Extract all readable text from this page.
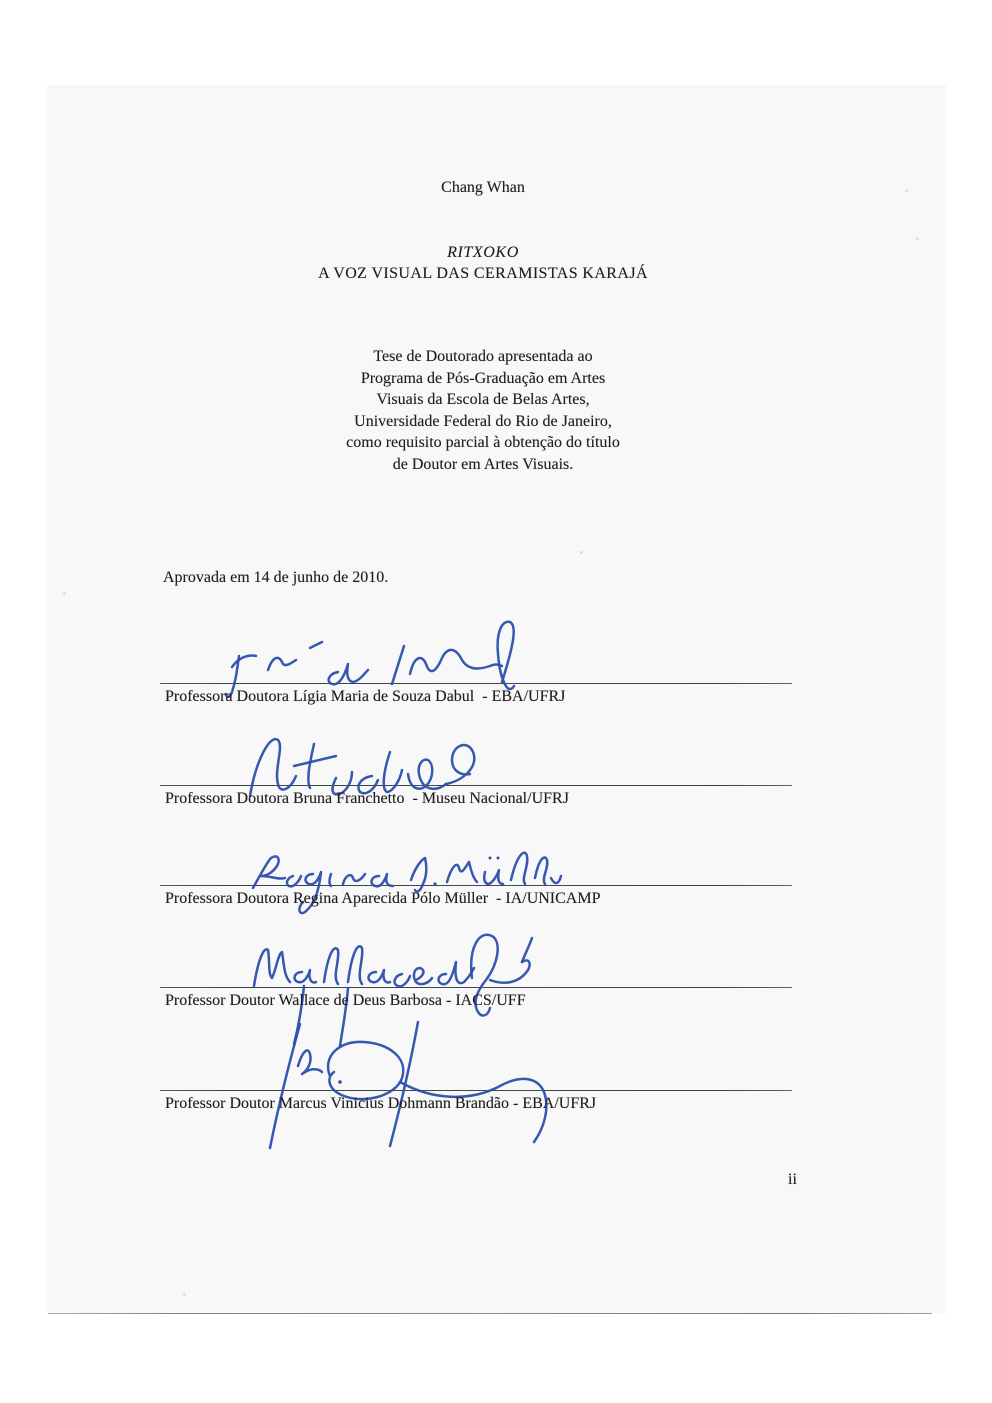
Chang Whan
RITXOKO
A VOZ VISUAL DAS CERAMISTAS KARAJÁ
Tese de Doutorado apresentada ao
Programa de Pós-Graduação em Artes
Visuais da Escola de Belas Artes,
Universidade Federal do Rio de Janeiro,
como requisito parcial à obtenção do título
de Doutor em Artes Visuais.
Aprovada em 14 de junho de 2010.
Professora Doutora Lígia Maria de Souza Dabul  - EBA/UFRJ
Professora Doutora Bruna Franchetto  - Museu Nacional/UFRJ
Professora Doutora Regina Aparecida Pólo Müller  - IA/UNICAMP
Professor Doutor Wallace de Deus Barbosa - IACS/UFF
Professor Doutor Marcus Vinicius Dohmann Brandão - EBA/UFRJ
ii
